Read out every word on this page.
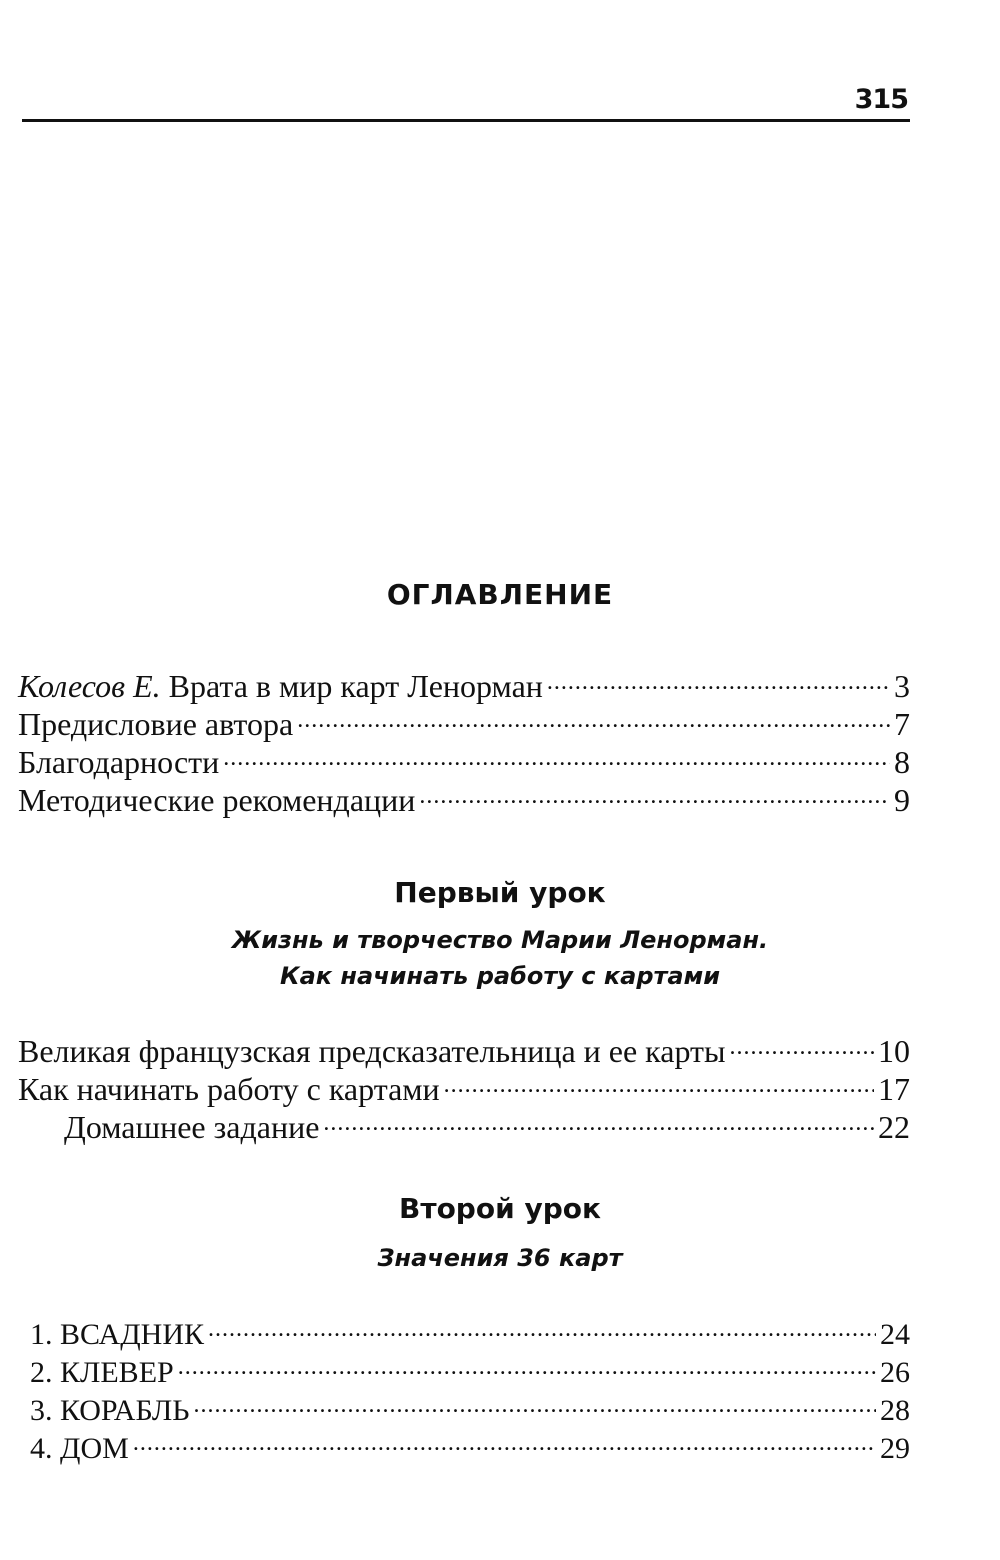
315
ОГЛАВЛЕНИЕ
Колесов Е. Врата в мир карт Ленорман .....	3
Предисловие автора .....	7
Благодарности .....	8
Методические рекомендации .....	9
Первый урок
Жизнь и творчество Марии Ленорман.
Как начинать работу с картами
Великая французская предсказательница и ее карты .....	10
Как начинать работу с картами .....	17
Домашнее задание .....	22
Второй урок
Значения 36 карт
1. ВСАДНИК .....	24
2. КЛЕВЕР .....	26
3. КОРАБЛЬ .....	28
4. ДОМ .....	29
